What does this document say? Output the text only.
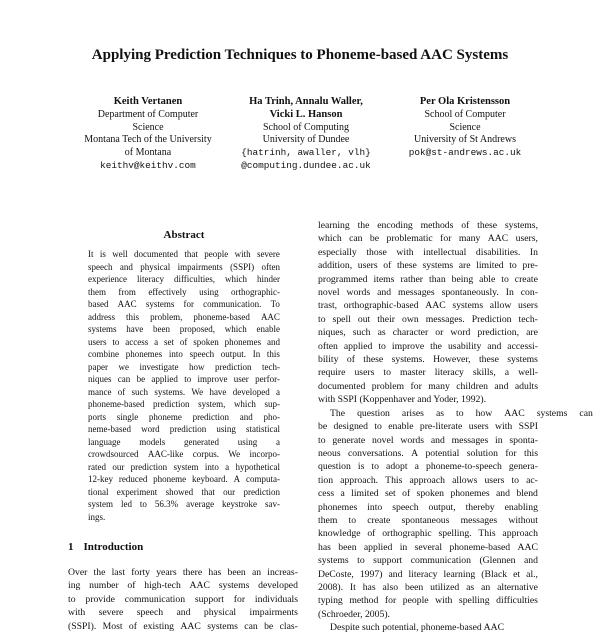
Applying Prediction Techniques to Phoneme-based AAC Systems
Keith Vertanen
Department of Computer
Science
Montana Tech of the University
of Montana
keithv@keithv.com
Ha Trinh, Annalu Waller,
Vicki L. Hanson
School of Computing
University of Dundee
{hatrinh, awaller, vlh}
@computing.dundee.ac.uk
Per Ola Kristensson
School of Computer
Science
University of St Andrews
pok@st-andrews.ac.uk
Abstract
It is well documented that people with severe
speech and physical impairments (SSPI) often
experience literacy difficulties, which hinder
them from effectively using orthographic-
based AAC systems for communication. To
address this problem, phoneme-based AAC
systems have been proposed, which enable
users to access a set of spoken phonemes and
combine phonemes into speech output. In this
paper we investigate how prediction tech-
niques can be applied to improve user perfor-
mance of such systems. We have developed a
phoneme-based prediction system, which sup-
ports single phoneme prediction and pho-
neme-based word prediction using statistical
language models generated using a
crowdsourced AAC-like corpus. We incorpo-
rated our prediction system into a hypothetical
12-key reduced phoneme keyboard. A computa-
tional experiment showed that our prediction
system led to 56.3% average keystroke sav-
ings.
1 Introduction
Over the last forty years there has been an increas-
ing number of high-tech AAC systems developed
to provide communication support for individuals
with severe speech and physical impairments
(SSPI). Most of existing AAC systems can be clas-
learning the encoding methods of these systems,
which can be problematic for many AAC users,
especially those with intellectual disabilities. In
addition, users of these systems are limited to pre-
programmed items rather than being able to create
novel words and messages spontaneously. In con-
trast, orthographic-based AAC systems allow users
to spell out their own messages. Prediction tech-
niques, such as character or word prediction, are
often applied to improve the usability and accessi-
bility of these systems. However, these systems
require users to master literacy skills, a well-
documented problem for many children and adults
with SSPI (Koppenhaver and Yoder, 1992).
The	question	arises	as	to	how	AAC	systems	can
be designed to enable pre-literate users with SSPI
to generate novel words and messages in sponta-
neous conversations. A potential solution for this
question is to adopt a phoneme-to-speech genera-
tion approach. This approach allows users to ac-
cess a limited set of spoken phonemes and blend
phonemes into speech output, thereby enabling
them to create spontaneous messages without
knowledge of orthographic spelling. This approach
has been applied in several phoneme-based AAC
systems to support communication (Glennen and
DeCoste, 1997) and literacy learning (Black et al.,
2008). It has also been utilized as an alternative
typing method for people with spelling difficulties
(Schroeder, 2005).
Despite such potential, phoneme-based AAC
